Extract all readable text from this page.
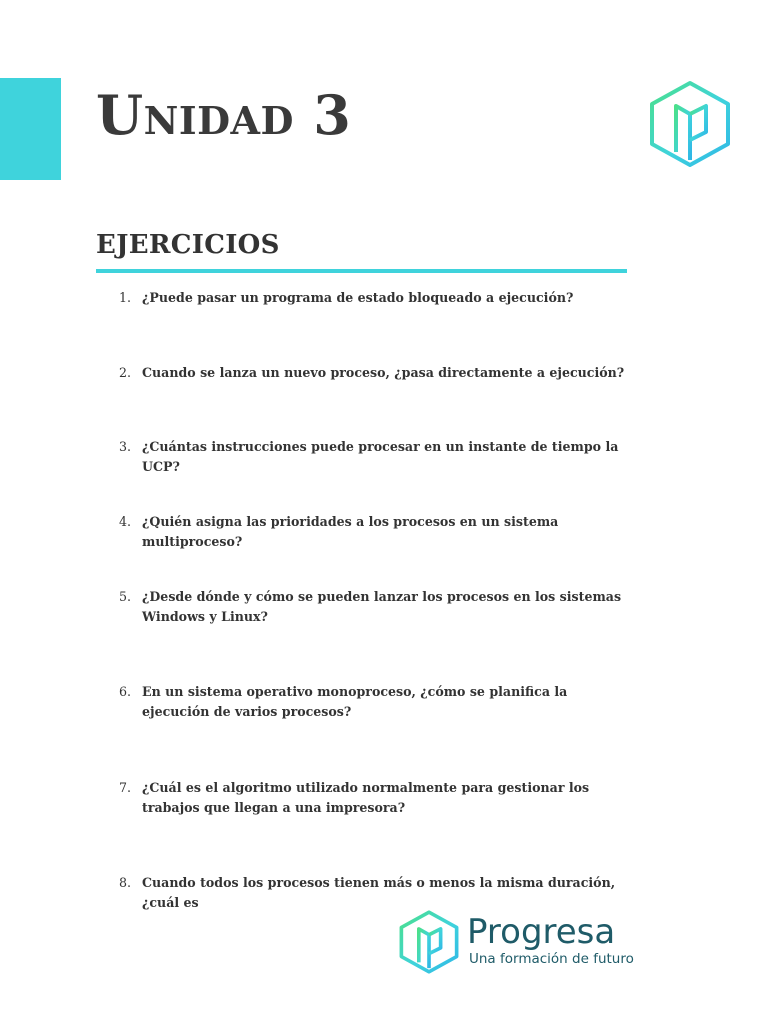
Unidad 3
EJERCICIOS
1. ¿Puede pasar un programa de estado bloqueado a ejecución?
2. Cuando se lanza un nuevo proceso, ¿pasa directamente a ejecución?
3. ¿Cuántas instrucciones puede procesar en un instante de tiempo la UCP?
4. ¿Quién asigna las prioridades a los procesos en un sistema multiproceso?
5. ¿Desde dónde y cómo se pueden lanzar los procesos en los sistemas Windows y Linux?
6. En un sistema operativo monoproceso, ¿cómo se planifica la ejecución de varios procesos?
7. ¿Cuál es el algoritmo utilizado normalmente para gestionar los trabajos que llegan a una impresora?
8. Cuando todos los procesos tienen más o menos la misma duración, ¿cuál es
Progresa
Una formación de futuro
